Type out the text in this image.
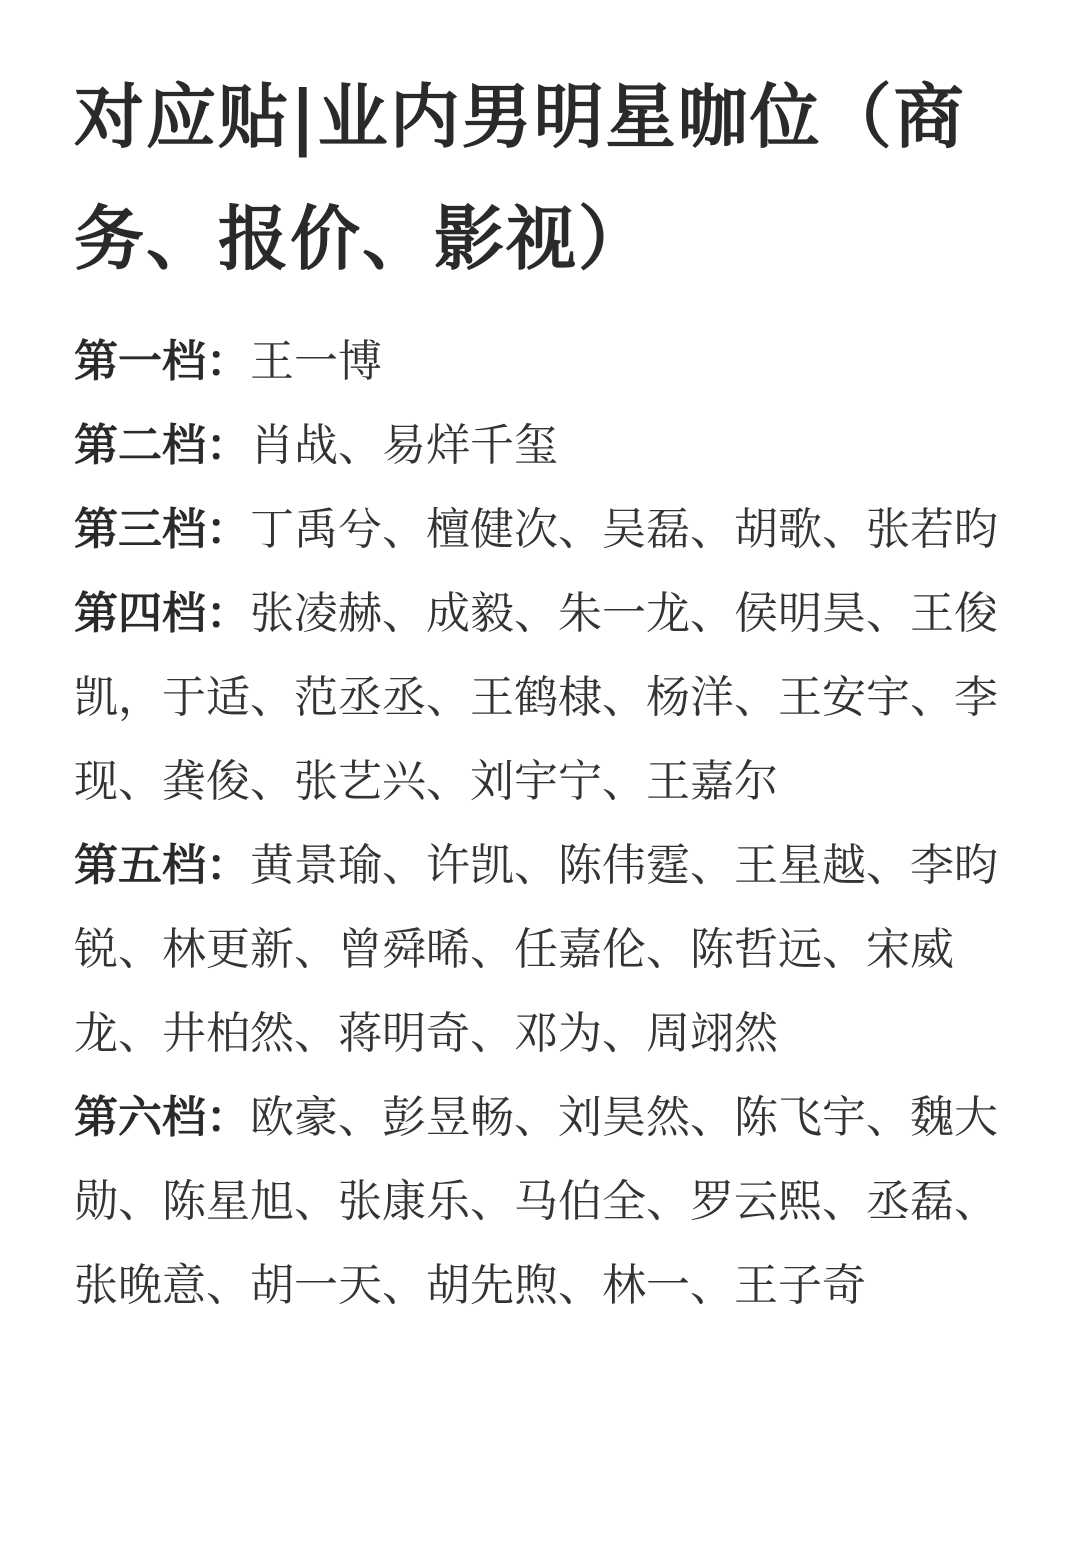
对应贴|业内男明星咖位（商务、报价、影视）

第一档：王一博

第二档：肖战、易烊千玺

第三档：丁禹兮、檀健次、吴磊、胡歌、张若昀

第四档：张凌赫、成毅、朱一龙、侯明昊、王俊凯，于适、范丞丞、王鹤棣、杨洋、王安宇、李现、龚俊、张艺兴、刘宇宁、王嘉尔

第五档：黄景瑜、许凯、陈伟霆、王星越、李昀锐、林更新、曾舜晞、任嘉伦、陈哲远、宋威龙、井柏然、蒋明奇、邓为、周翊然

第六档：欧豪、彭昱畅、刘昊然、陈飞宇、魏大勋、陈星旭、张康乐、马伯全、罗云熙、丞磊、张晚意、胡一天、胡先煦、林一、王子奇
